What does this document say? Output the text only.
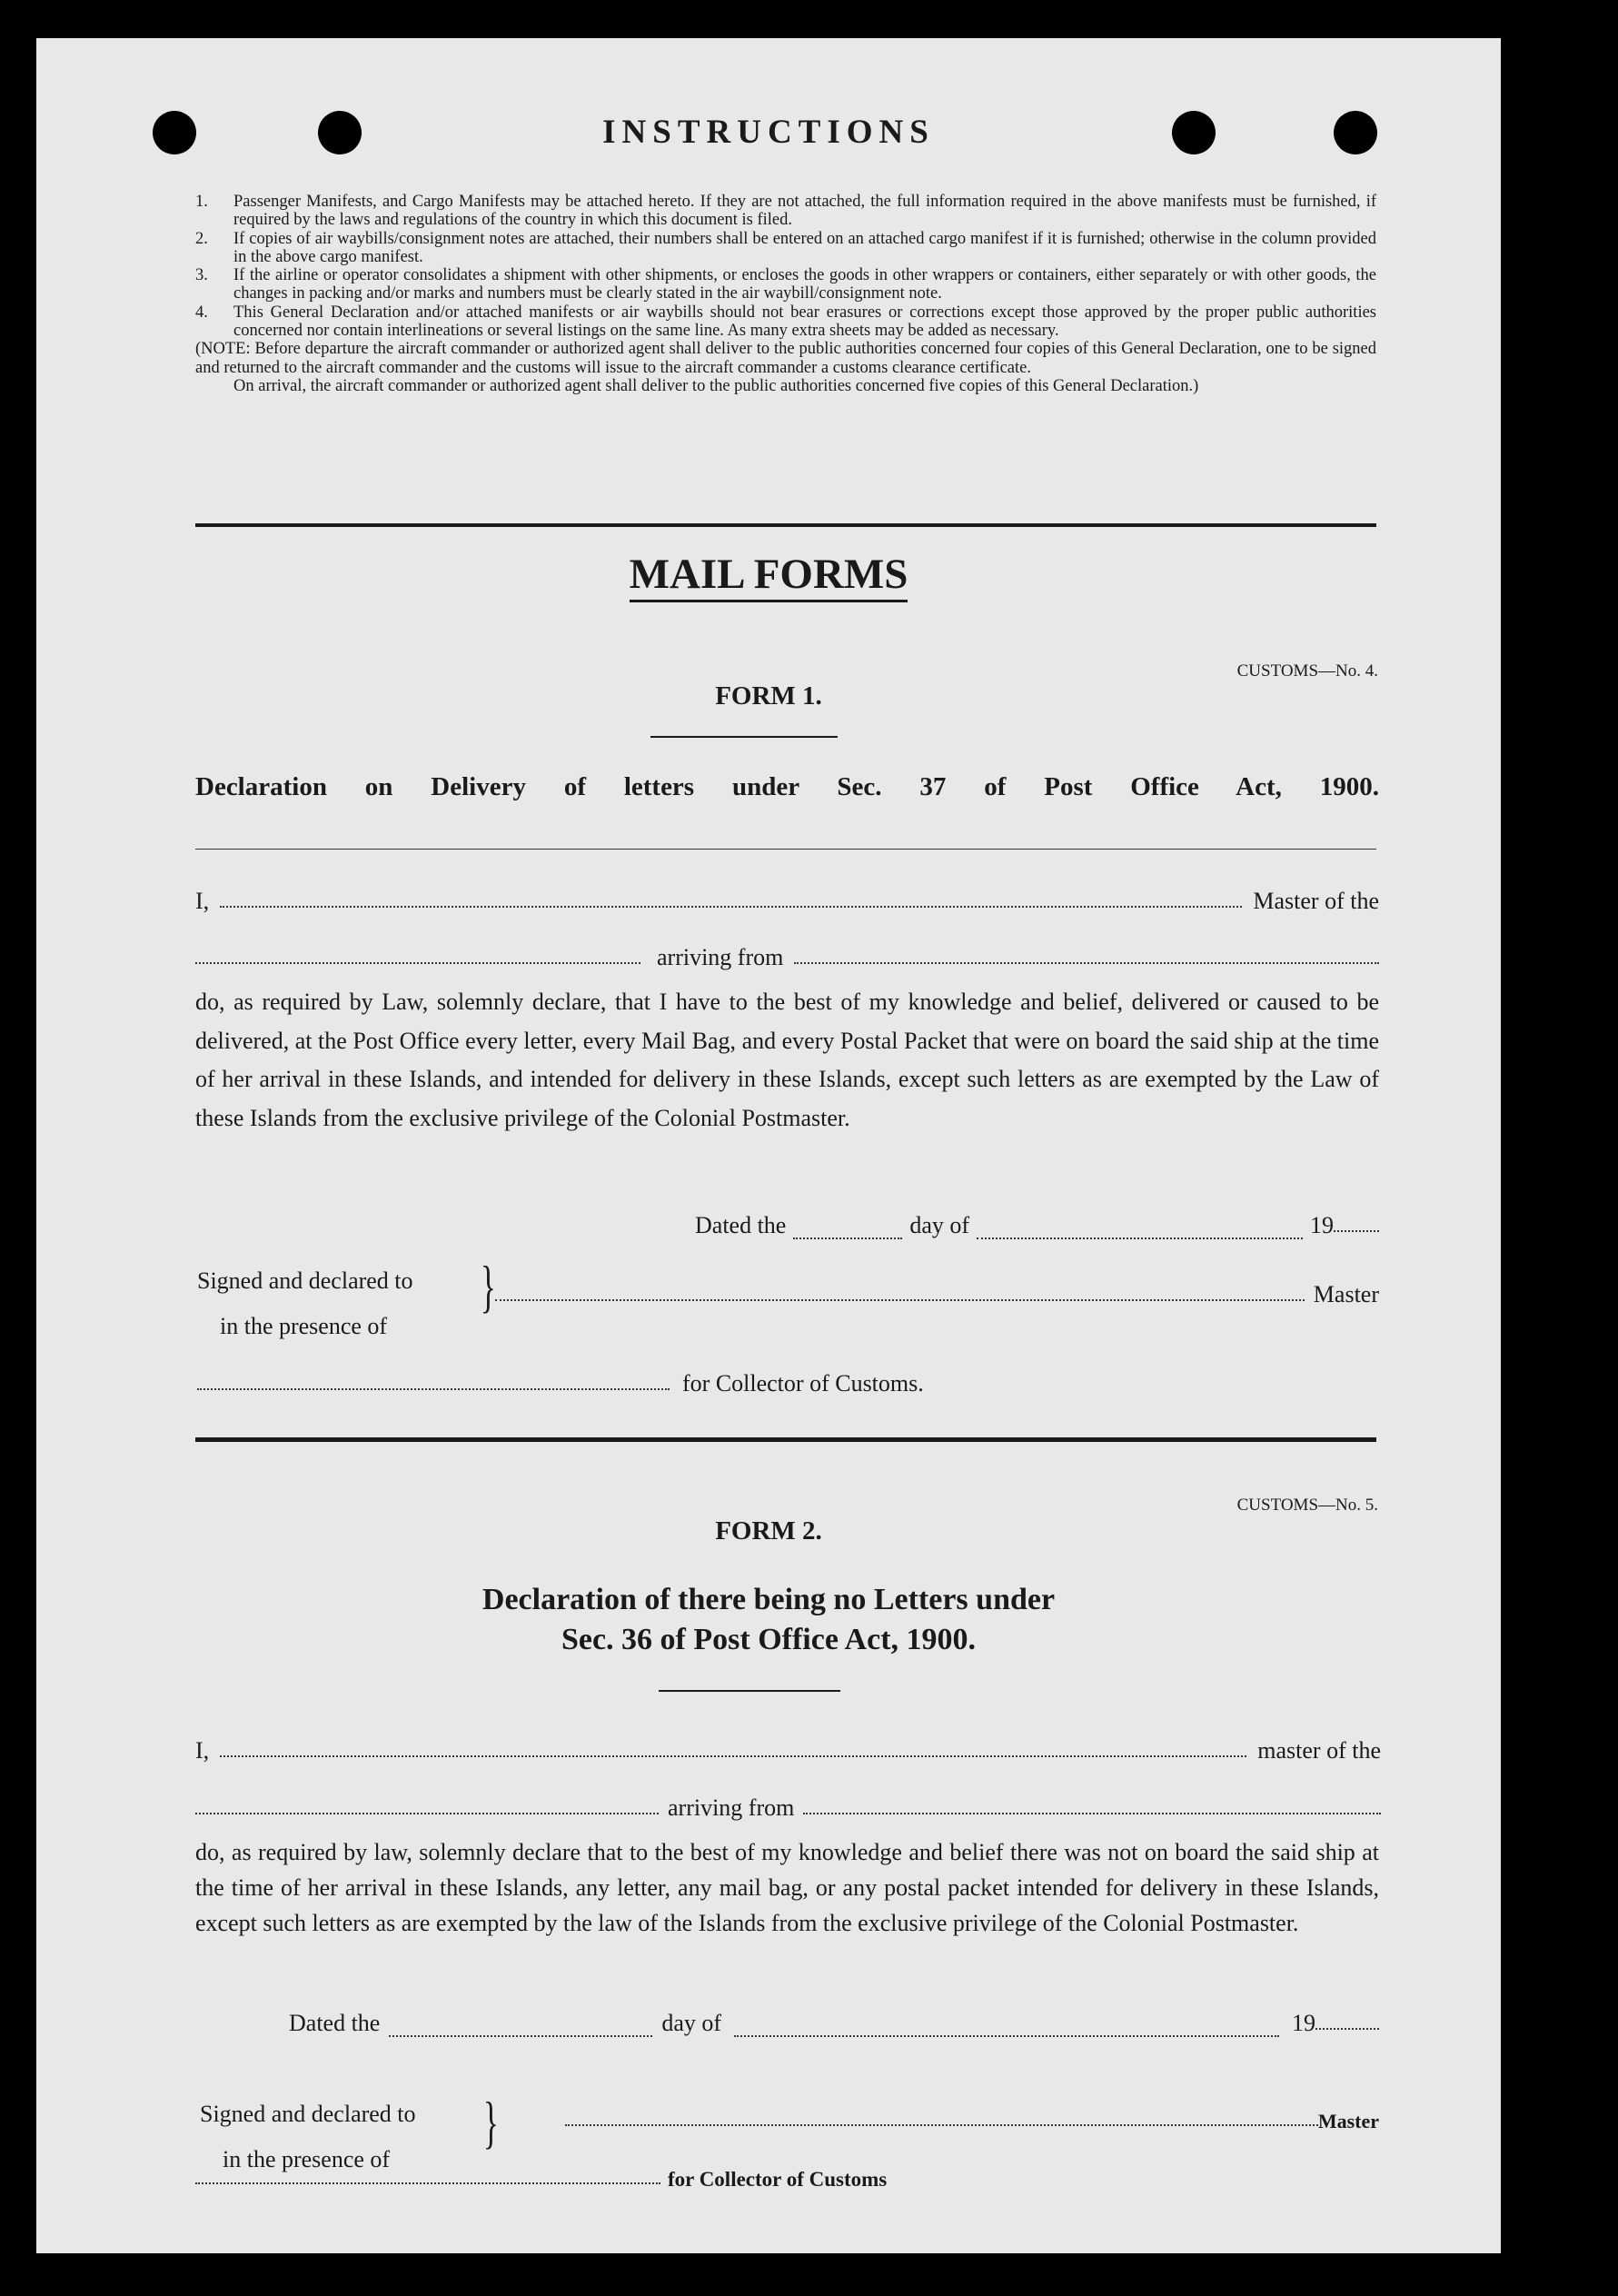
INSTRUCTIONS
1.	Passenger Manifests, and Cargo Manifests may be attached hereto. If they are not attached, the full information required in the above manifests must be furnished, if required by the laws and regulations of the country in which this document is filed.
2.	If copies of air waybills/consignment notes are attached, their numbers shall be entered on an attached cargo manifest if it is furnished; otherwise in the column provided in the above cargo manifest.
3.	If the airline or operator consolidates a shipment with other shipments, or encloses the goods in other wrappers or containers, either separately or with other goods, the changes in packing and/or marks and numbers must be clearly stated in the air waybill/consignment note.
4.	This General Declaration and/or attached manifests or air waybills should not bear erasures or corrections except those approved by the proper public authorities concerned nor contain interlineations or several listings on the same line. As many extra sheets may be added as necessary.
(NOTE: Before departure the aircraft commander or authorized agent shall deliver to the public authorities concerned four copies of this General Declaration, one to be signed and returned to the aircraft commander and the customs will issue to the aircraft commander a customs clearance certificate.
On arrival, the aircraft commander or authorized agent shall deliver to the public authorities concerned five copies of this General Declaration.)
MAIL FORMS
CUSTOMS—No. 4.
FORM 1.
Declaration on Delivery of letters under Sec. 37 of Post Office Act, 1900.
I,	Master of the
arriving from
do, as required by Law, solemnly declare, that I have to the best of my knowledge and belief, delivered or caused to be delivered, at the Post Office every letter, every Mail Bag, and every Postal Packet that were on board the said ship at the time of her arrival in these Islands, and intended for delivery in these Islands, except such letters as are exempted by the Law of these Islands from the exclusive privilege of the Colonial Postmaster.
Dated the	day of	19
Signed and declared to
in the presence of
}	Master
for Collector of Customs.
CUSTOMS—No. 5.
FORM 2.
Declaration of there being no Letters under
Sec. 36 of Post Office Act, 1900.
I,	master of the
arriving from
do, as required by law, solemnly declare that to the best of my knowledge and belief there was not on board the said ship at the time of her arrival in these Islands, any letter, any mail bag, or any postal packet intended for delivery in these Islands, except such letters as are exempted by the law of the Islands from the exclusive privilege of the Colonial Postmaster.
Dated the	day of	19
Signed and declared to
in the presence of
}	Master
for Collector of Customs
